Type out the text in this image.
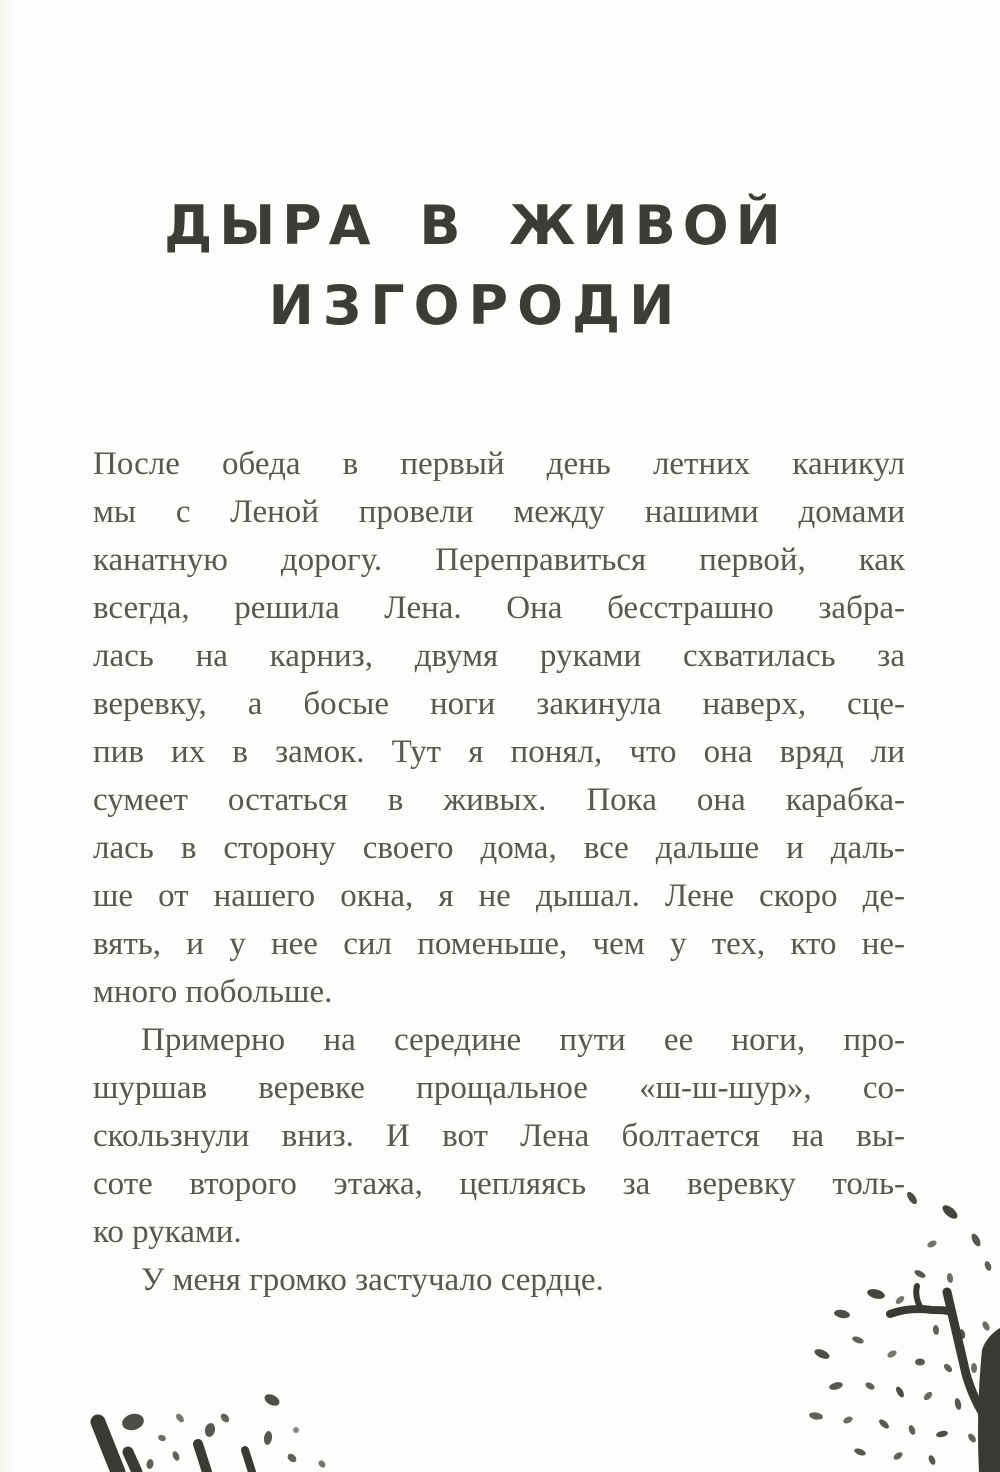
ДЫРА В ЖИВОЙ
ИЗГОРОДИ
После обеда в первый день летних каникул
мы с Леной провели между нашими домами
канатную дорогу. Переправиться первой, как
всегда, решила Лена. Она бесстрашно забра-
лась на карниз, двумя руками схватилась за
веревку, а босые ноги закинула наверх, сце-
пив их в замок. Тут я понял, что она вряд ли
сумеет остаться в живых. Пока она карабка-
лась в сторону своего дома, все дальше и даль-
ше от нашего окна, я не дышал. Лене скоро де-
вять, и у нее сил поменьше, чем у тех, кто не-
много побольше.
Примерно на середине пути ее ноги, про-
шуршав веревке прощальное «ш-ш-шур», со-
скользнули вниз. И вот Лена болтается на вы-
соте второго этажа, цепляясь за веревку толь-
ко руками.
У меня громко застучало сердце.
